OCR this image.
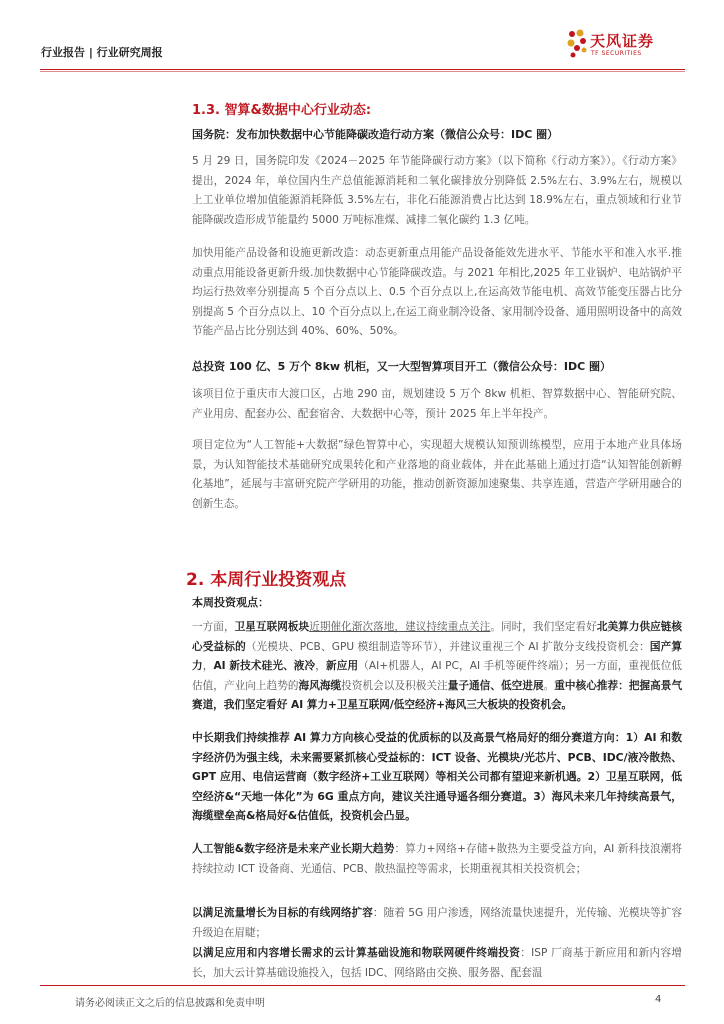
行业报告 | 行业研究周报
天风证券
TF SECURITIES
1.3. 智算&数据中心行业动态:
国务院：发布加快数据中心节能降碳改造行动方案（微信公众号：IDC 圈）
5 月 29 日，国务院印发《2024－2025 年节能降碳行动方案》（以下简称《行动方案》）。《行动方案》提出，2024 年，单位国内生产总值能源消耗和二氧化碳排放分别降低 2.5%左右、3.9%左右，规模以上工业单位增加值能源消耗降低 3.5%左右，非化石能源消费占比达到 18.9%左右，重点领域和行业节能降碳改造形成节能量约 5000 万吨标准煤、减排二氧化碳约 1.3 亿吨。
加快用能产品设备和设施更新改造：动态更新重点用能产品设备能效先进水平、节能水平和准入水平.推动重点用能设备更新升级.加快数据中心节能降碳改造。与 2021 年相比,2025 年工业锅炉、电站锅炉平均运行热效率分别提高 5 个百分点以上、0.5 个百分点以上,在运高效节能电机、高效节能变压器占比分别提高 5 个百分点以上、10 个百分点以上,在运工商业制冷设备、家用制冷设备、通用照明设备中的高效节能产品占比分别达到 40%、60%、50%。
总投资 100 亿、5 万个 8kw 机柜，又一大型智算项目开工（微信公众号：IDC 圈）
该项目位于重庆市大渡口区，占地 290 亩，规划建设 5 万个 8kw 机柜、智算数据中心、智能研究院、产业用房、配套办公、配套宿舍、大数据中心等，预计 2025 年上半年投产。
项目定位为“人工智能+大数据”绿色智算中心，实现超大规模认知预训练模型，应用于本地产业具体场景，为认知智能技术基础研究成果转化和产业落地的商业载体，并在此基础上通过打造“认知智能创新孵化基地”，延展与丰富研究院产学研用的功能，推动创新资源加速聚集、共享连通，营造产学研用融合的创新生态。
2. 本周行业投资观点
本周投资观点：
一方面，卫星互联网板块近期催化渐次落地，建议持续重点关注。同时，我们坚定看好北美算力供应链核心受益标的（光模块、PCB、GPU 模组制造等环节），并建议重视三个 AI 扩散分支线投资机会：国产算力，AI 新技术硅光、液冷，新应用（AI+机器人，AI PC，AI 手机等硬件终端）；另一方面，重视低位低估值，产业向上趋势的海风海缆投资机会以及积极关注量子通信、低空进展。重中核心推荐：把握高景气赛道，我们坚定看好 AI 算力+卫星互联网/低空经济+海风三大板块的投资机会。
中长期我们持续推荐 AI 算力方向核心受益的优质标的以及高景气格局好的细分赛道方向：1）AI 和数字经济仍为强主线，未来需要紧抓核心受益标的：ICT 设备、光模块/光芯片、PCB、IDC/液冷散热、GPT 应用、电信运营商（数字经济+工业互联网）等相关公司都有望迎来新机遇。2）卫星互联网，低空经济&“天地一体化”为 6G 重点方向，建议关注通导遥各细分赛道。3）海风未来几年持续高景气，海缆壁垒高&格局好&估值低，投资机会凸显。
人工智能&数字经济是未来产业长期大趋势：算力+网络+存储+散热为主要受益方向，AI 新科技浪潮将持续拉动 ICT 设备商、光通信、PCB、散热温控等需求，长期重视其相关投资机会；
以满足流量增长为目标的有线网络扩容：随着 5G 用户渗透，网络流量快速提升，光传输、光模块等扩容升级迫在眉睫；
以满足应用和内容增长需求的云计算基础设施和物联网硬件终端投资：ISP 厂商基于新应用和新内容增长，加大云计算基础设施投入，包括 IDC、网络路由交换、服务器、配套温
请务必阅读正文之后的信息披露和免责申明	4
